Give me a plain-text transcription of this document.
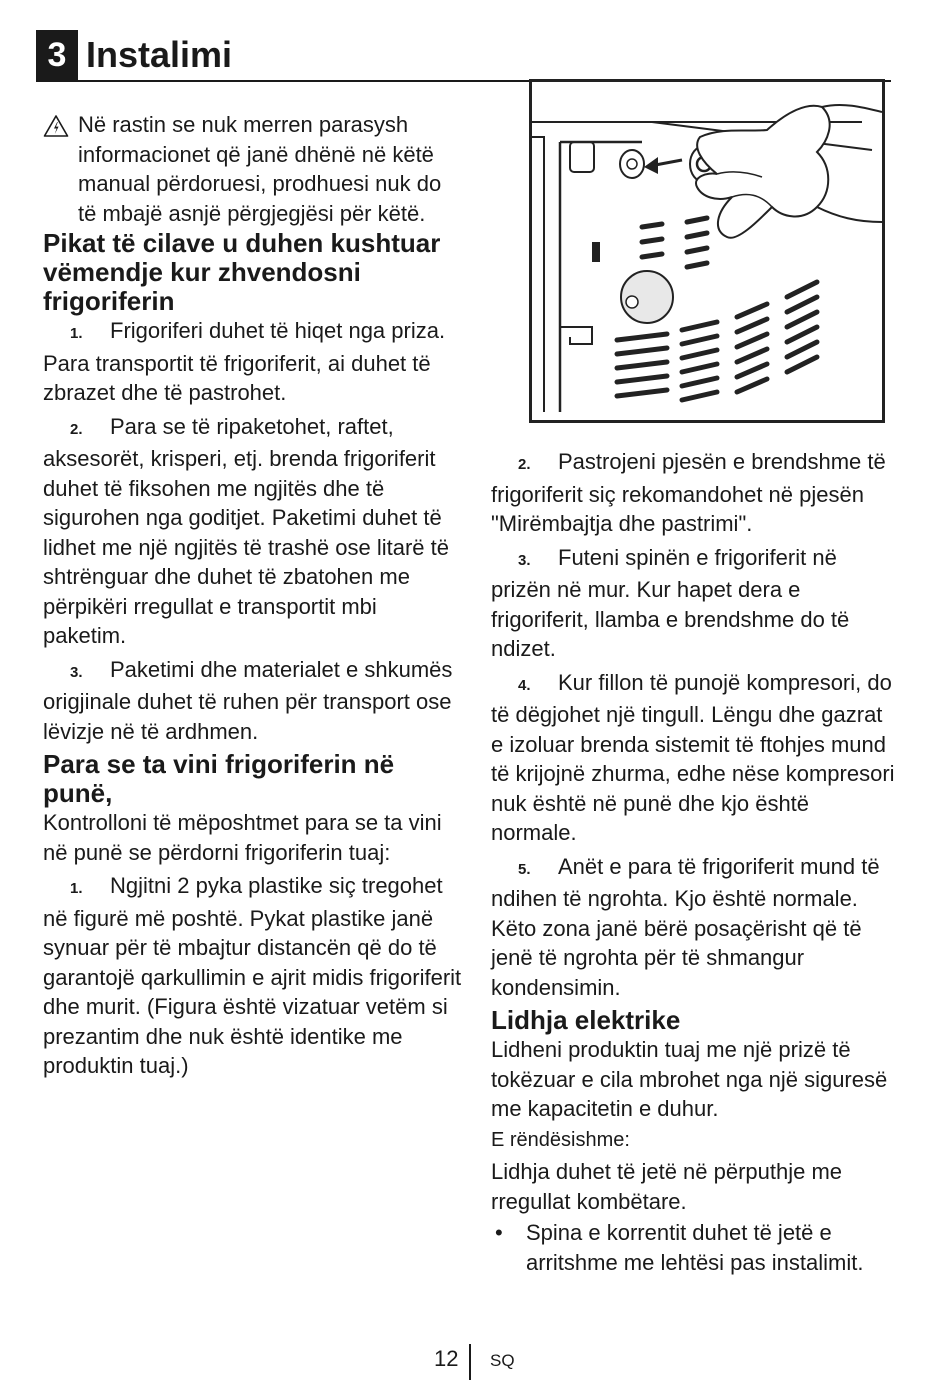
3 Instalimi
Në rastin se nuk merren parasysh informacionet që janë dhënë në këtë manual përdoruesi, prodhuesi nuk do të mbajë asnjë përgjegjësi për këtë.
Pikat të cilave u duhen kushtuar vëmendje kur zhvendosni frigoriferin

1. Frigoriferi duhet të hiqet nga priza. Para transportit të frigoriferit, ai duhet të zbrazet dhe të pastrohet.

2. Para se të ripaketohet, raftet, aksesorët, krisperi, etj. brenda frigoriferit duhet të fiksohen me ngjitës dhe të sigurohen nga goditjet. Paketimi duhet të lidhet me një ngjitës të trashë ose litarë të shtrënguar dhe duhet të zbatohen me përpikëri rregullat e transportit mbi paketim.

3. Paketimi dhe materialet e shkumës origjinale duhet të ruhen për transport ose lëvizje në të ardhmen.

Para se ta vini frigoriferin në punë,

Kontrolloni të mëposhtmet para se ta vini në punë se përdorni frigoriferin tuaj:

1. Ngjitni 2 pyka plastike siç tregohet në figurë më poshtë. Pykat plastike janë synuar për të mbajtur distancën që do të garantojë qarkullimin e ajrit midis frigoriferit dhe murit. (Figura është vizatuar vetëm si prezantim dhe nuk është identike me produktin tuaj.)

2. Pastrojeni pjesën e brendshme të frigoriferit siç rekomandohet në pjesën "Mirëmbajtja dhe pastrimi".

3. Futeni spinën e frigoriferit në prizën në mur. Kur hapet dera e frigoriferit, llamba e brendshme do të ndizet.

4. Kur fillon të punojë kompresori, do të dëgjohet një tingull. Lëngu dhe gazrat e izoluar brenda sistemit të ftohjes mund të krijojnë zhurma, edhe nëse kompresori nuk është në punë dhe kjo është normale.

5. Anët e para të frigoriferit mund të ndihen të ngrohta. Kjo është normale. Këto zona janë bërë posaçërisht që të jenë të ngrohta për të shmangur kondensimin.

Lidhja elektrike

Lidheni produktin tuaj me një prizë të tokëzuar e cila mbrohet nga një siguresë me kapacitetin e duhur.

E rëndësishme:

Lidhja duhet të jetë në përputhje me rregullat kombëtare.

• Spina e korrentit duhet të jetë e arritshme me lehtësi pas instalimit.

12 SQ
